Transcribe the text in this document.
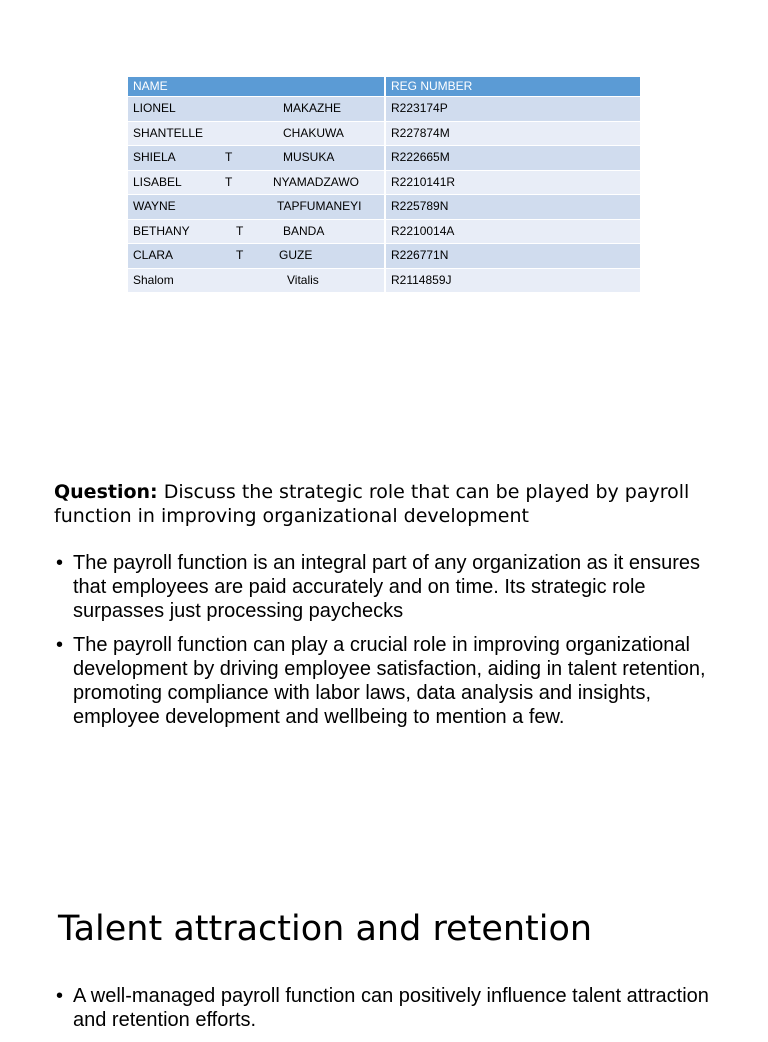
NAME	REG NUMBER

LIONEL MAKAZHE	R223174P

SHANTELLE CHAKUWA	R227874M

SHIELA T MUSUKA	R222665M

LISABEL T NYAMADZAWO	R2210141R

WAYNE TAPFUMANEYI	R225789N

BETHANY T BANDA	R2210014A

CLARA T GUZE	R226771N

Shalom Vitalis	R2114859J
Question: Discuss the strategic role that can be played by payroll function in improving organizational development
• The payroll function is an integral part of any organization as it ensures that employees are paid accurately and on time. Its strategic role surpasses just processing paychecks
• The payroll function can play a crucial role in improving organizational development by driving employee satisfaction, aiding in talent retention, promoting compliance with labor laws, data analysis and insights, employee development and wellbeing to mention a few.
Talent attraction and retention
• A well-managed payroll function can positively influence talent attraction and retention efforts.
